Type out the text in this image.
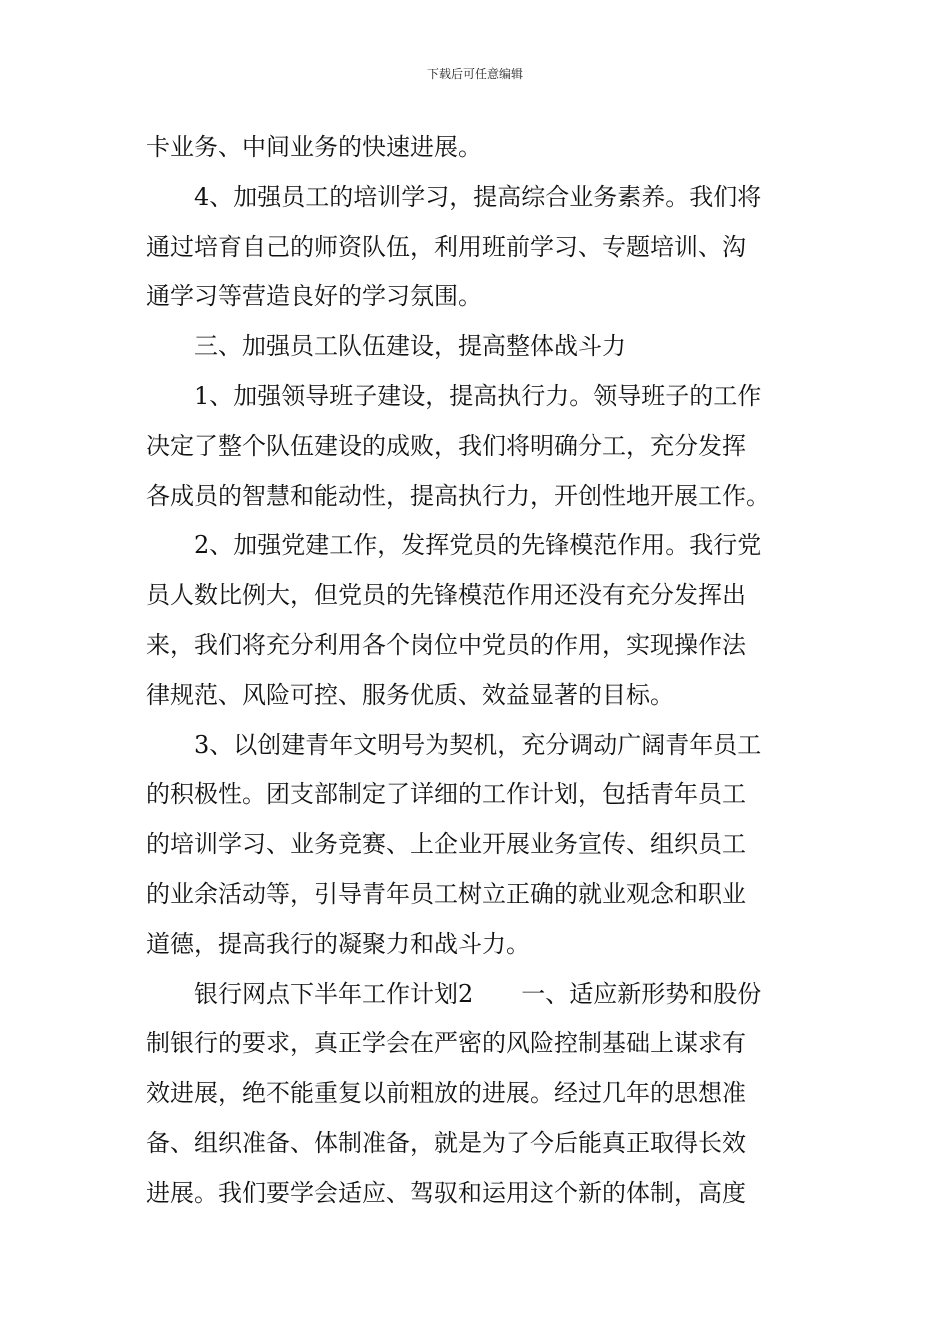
下载后可任意编辑
卡业务、中间业务的快速进展。
4、加强员工的培训学习，提高综合业务素养。我们将
通过培育自己的师资队伍，利用班前学习、专题培训、沟
通学习等营造良好的学习氛围。
三、加强员工队伍建设，提高整体战斗力
1、加强领导班子建设，提高执行力。领导班子的工作
决定了整个队伍建设的成败，我们将明确分工，充分发挥
各成员的智慧和能动性，提高执行力，开创性地开展工作。
2、加强党建工作，发挥党员的先锋模范作用。我行党
员人数比例大，但党员的先锋模范作用还没有充分发挥出
来，我们将充分利用各个岗位中党员的作用，实现操作法
律规范、风险可控、服务优质、效益显著的目标。
3、以创建青年文明号为契机，充分调动广阔青年员工
的积极性。团支部制定了详细的工作计划，包括青年员工
的培训学习、业务竞赛、上企业开展业务宣传、组织员工
的业余活动等，引导青年员工树立正确的就业观念和职业
道德，提高我行的凝聚力和战斗力。
银行网点下半年工作计划2　　一、适应新形势和股份
制银行的要求，真正学会在严密的风险控制基础上谋求有
效进展，绝不能重复以前粗放的进展。经过几年的思想准
备、组织准备、体制准备，就是为了今后能真正取得长效
进展。我们要学会适应、驾驭和运用这个新的体制，高度
